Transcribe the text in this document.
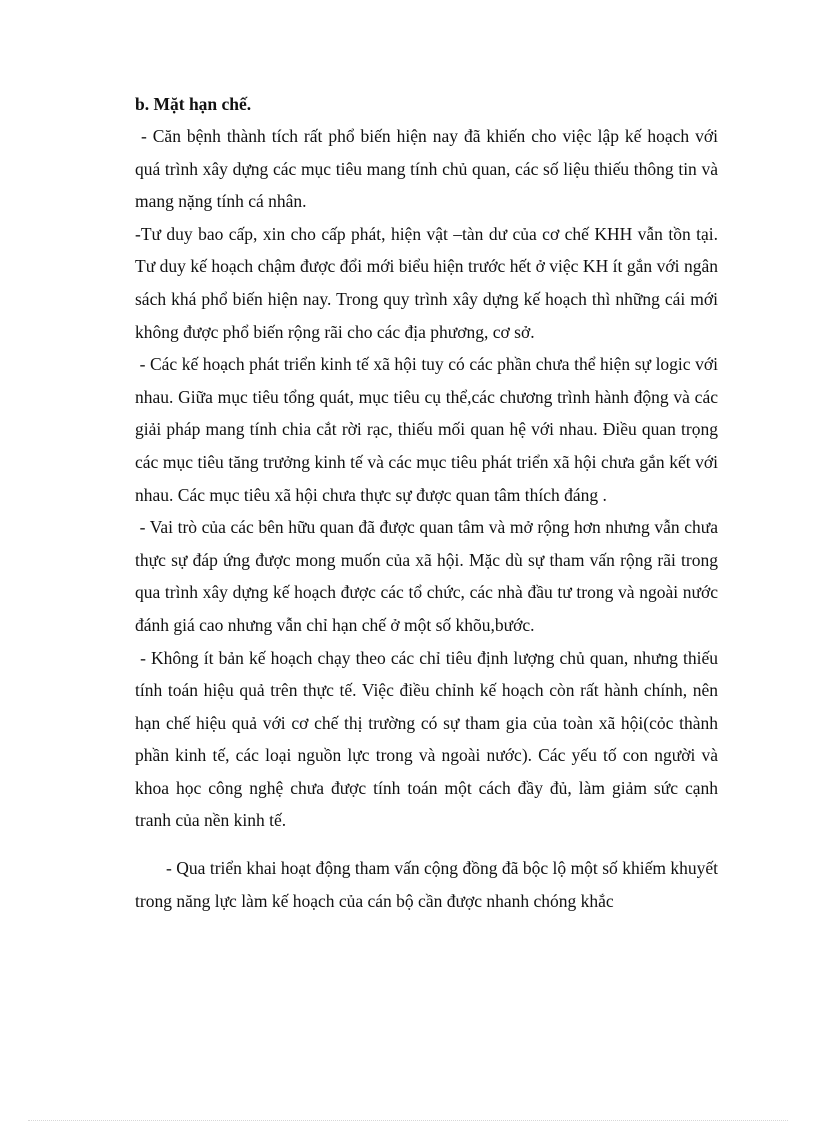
b. Mặt hạn chế.

- Căn bệnh thành tích rất phổ biến hiện nay đã khiến cho việc lập kế hoạch với quá trình xây dựng các mục tiêu mang tính chủ quan, các số liệu thiếu thông tin và mang nặng tính cá nhân.

-Tư duy bao cấp, xin cho cấp phát, hiện vật –tàn dư của cơ chế KHH vẫn tồn tại. Tư duy kế hoạch chậm được đổi mới biểu hiện trước hết ở việc KH ít gắn với ngân sách khá phổ biến hiện nay. Trong quy trình xây dựng kế hoạch thì những cái mới không được phổ biến rộng rãi cho các địa phương, cơ sở.

- Các kế hoạch phát triển kinh tế xã hội tuy có các phần chưa thể hiện sự logic với nhau. Giữa mục tiêu tổng quát, mục tiêu cụ thể,các chương trình hành động và các giải pháp mang tính chia cắt rời rạc, thiếu mối quan hệ với nhau. Điều quan trọng các mục tiêu tăng trưởng kinh tế và các mục tiêu phát triển xã hội chưa gắn kết với nhau. Các mục tiêu xã hội chưa thực sự được quan tâm thích đáng .

- Vai trò của các bên hữu quan đã được quan tâm và mở rộng hơn nhưng vẫn chưa thực sự đáp ứng được mong muốn của xã hội. Mặc dù sự tham vấn rộng rãi trong qua trình xây dựng kế hoạch được các tổ chức, các nhà đầu tư trong và ngoài nước đánh giá cao nhưng vẫn chỉ hạn chế ở một số khõu,bước.

- Không ít bản kế hoạch chạy theo các chỉ tiêu định lượng chủ quan, nhưng thiếu tính toán hiệu quả trên thực tế. Việc điều chỉnh kế hoạch còn rất hành chính, nên hạn chế hiệu quả với cơ chế thị trường có sự tham gia của toàn xã hội(cỏc thành phần kinh tế, các loại nguồn lực trong và ngoài nước). Các yếu tố con người và khoa học công nghệ chưa được tính toán một cách đầy đủ, làm giảm sức cạnh tranh của nền kinh tế.

- Qua triển khai hoạt động tham vấn cộng đồng đã bộc lộ một số khiếm khuyết trong năng lực làm kế hoạch của cán bộ cần được nhanh chóng khắc
